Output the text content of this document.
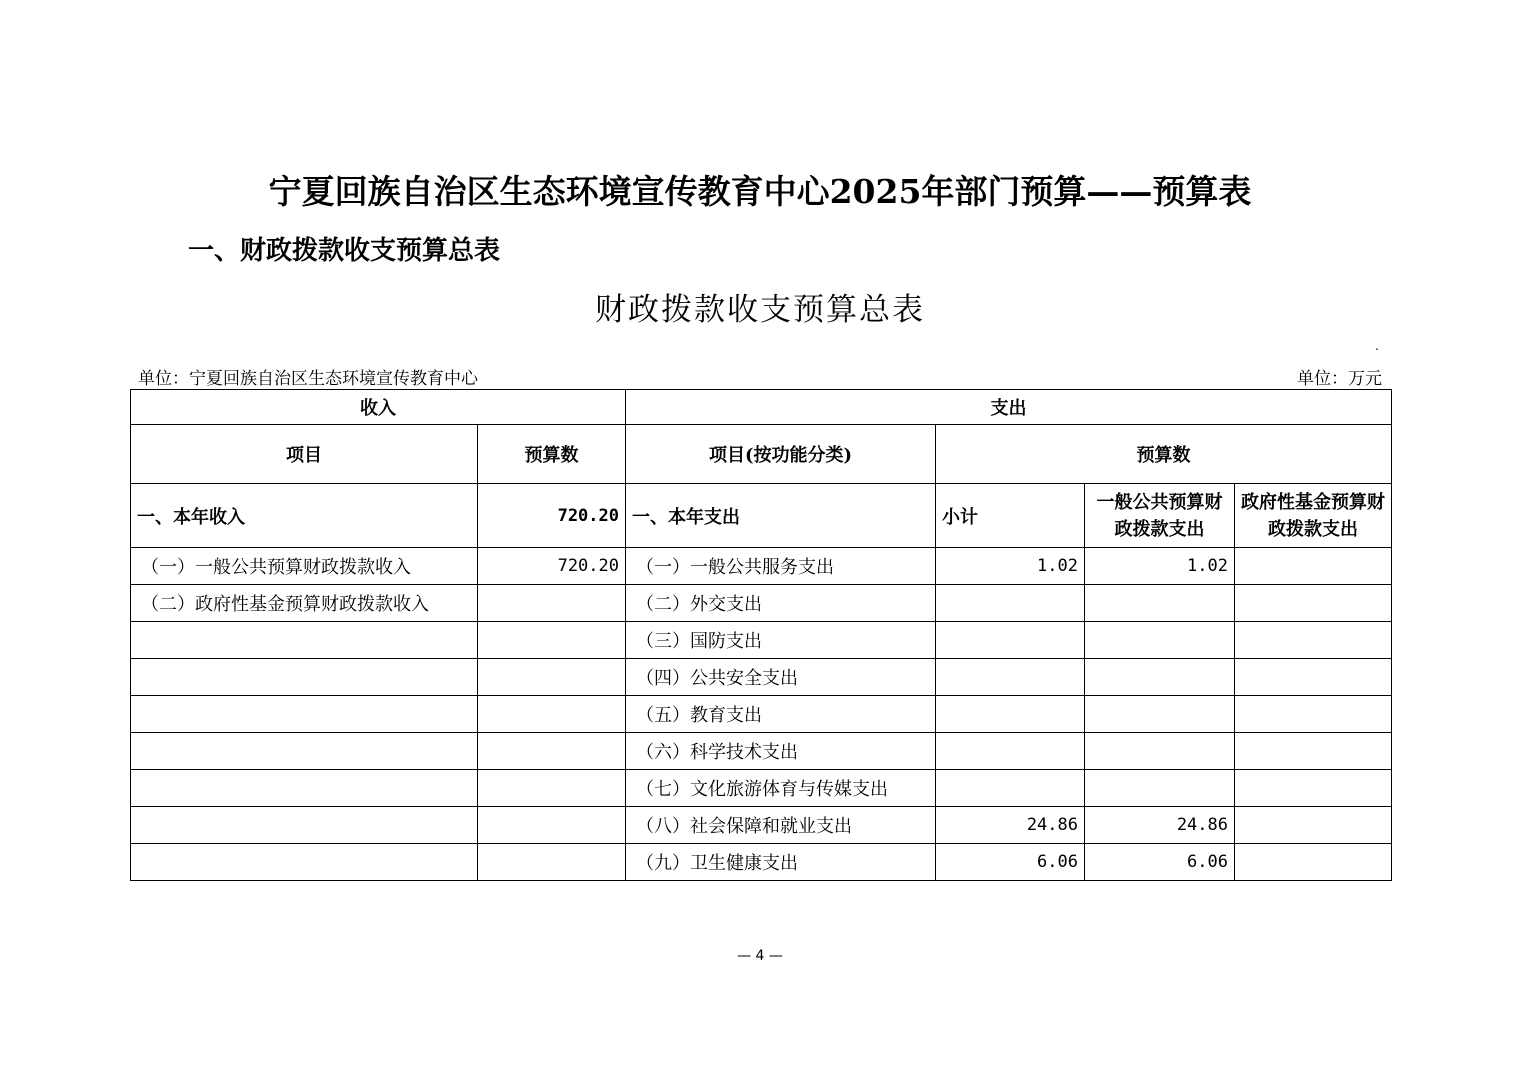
宁夏回族自治区生态环境宣传教育中心2025年部门预算——预算表
一、财政拨款收支预算总表
财政拨款收支预算总表
.
单位：宁夏回族自治区生态环境宣传教育中心	单位：万元
收入		支出			
项目	预算数	项目(按功能分类)	预算数		
一、本年收入	720.20	一、本年支出	小计	一般公共预算财政拨款支出	政府性基金预算财政拨款支出
（一）一般公共预算财政拨款收入	720.20	（一）一般公共服务支出	1.02	1.02	
（二）政府性基金预算财政拨款收入		（二）外交支出			
		（三）国防支出			
		（四）公共安全支出			
		（五）教育支出			
		（六）科学技术支出			
		（七）文化旅游体育与传媒支出			
		（八）社会保障和就业支出	24.86	24.86	
		（九）卫生健康支出	6.06	6.06	
— 4 —
